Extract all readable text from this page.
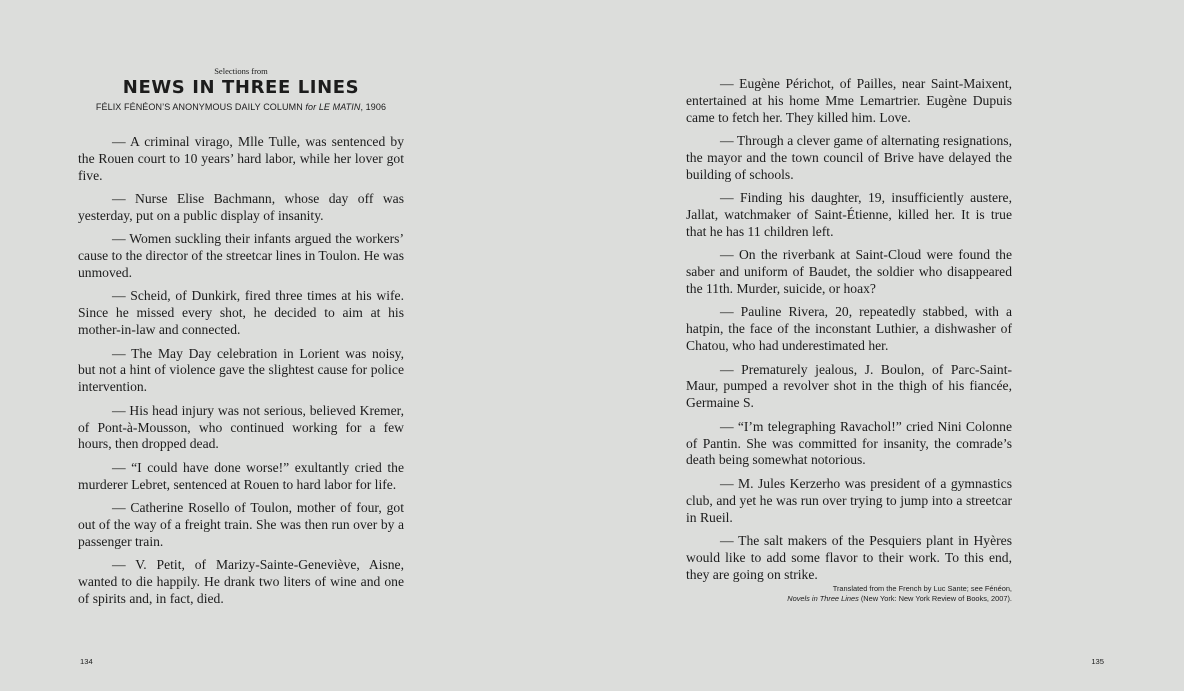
Selections from
NEWS IN THREE LINES
FÉLIX FÉNÉON’S ANONYMOUS DAILY COLUMN for LE MATIN, 1906

— A criminal virago, Mlle Tulle, was sentenced by the Rouen court to 10 years’ hard labor, while her lover got five.

— Nurse Elise Bachmann, whose day off was yesterday, put on a public display of insanity.

— Women suckling their infants argued the workers’ cause to the director of the streetcar lines in Toulon. He was unmoved.

— Scheid, of Dunkirk, fired three times at his wife. Since he missed every shot, he decided to aim at his mother-in-law and connected.

— The May Day celebration in Lorient was noisy, but not a hint of violence gave the slightest cause for police intervention.

— His head injury was not serious, believed Kremer, of Pont-à-Mousson, who continued working for a few hours, then dropped dead.

— “I could have done worse!” exultantly cried the murderer Lebret, sentenced at Rouen to hard labor for life.

— Catherine Rosello of Toulon, mother of four, got out of the way of a freight train. She was then run over by a passenger train.

— V. Petit, of Marizy-Sainte-Geneviève, Aisne, wanted to die happily. He drank two liters of wine and one of spirits and, in fact, died.

134

— Eugène Périchot, of Pailles, near Saint-Maixent, entertained at his home Mme Lemartrier. Eugène Dupuis came to fetch her. They killed him. Love.

— Through a clever game of alternating resignations, the mayor and the town council of Brive have delayed the building of schools.

— Finding his daughter, 19, insufficiently austere, Jallat, watchmaker of Saint-Étienne, killed her. It is true that he has 11 children left.

— On the riverbank at Saint-Cloud were found the saber and uniform of Baudet, the soldier who disappeared the 11th. Murder, suicide, or hoax?

— Pauline Rivera, 20, repeatedly stabbed, with a hatpin, the face of the inconstant Luthier, a dishwasher of Chatou, who had underestimated her.

— Prematurely jealous, J. Boulon, of Parc-Saint-Maur, pumped a revolver shot in the thigh of his fiancée, Germaine S.

— “I’m telegraphing Ravachol!” cried Nini Colonne of Pantin. She was committed for insanity, the comrade’s death being somewhat notorious.

— M. Jules Kerzerho was president of a gymnastics club, and yet he was run over trying to jump into a streetcar in Rueil.

— The salt makers of the Pesquiers plant in Hyères would like to add some flavor to their work. To this end, they are going on strike.

Translated from the French by Luc Sante; see Fénéon,
Novels in Three Lines (New York: New York Review of Books, 2007).
135
